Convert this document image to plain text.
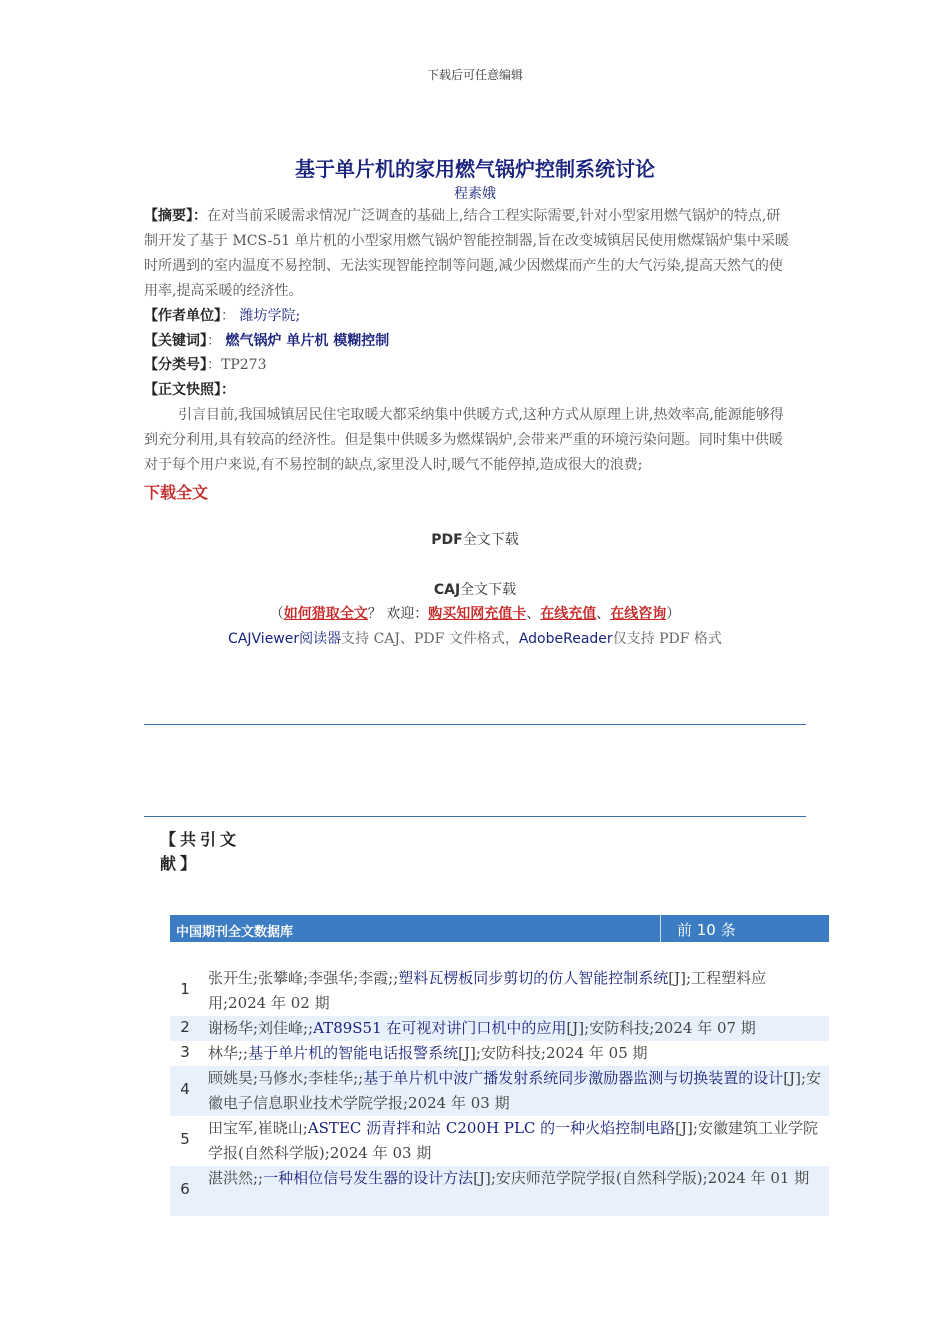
下载后可任意编辑
基于单片机的家用燃气锅炉控制系统讨论
程素娥
【摘要】：在对当前采暖需求情况广泛调查的基础上,结合工程实际需要,针对小型家用燃气锅炉的特点,研
制开发了基于 MCS-51 单片机的小型家用燃气锅炉智能控制器,旨在改变城镇居民使用燃煤锅炉集中采暖
时所遇到的室内温度不易控制、无法实现智能控制等问题,减少因燃煤而产生的大气污染,提高天然气的使
用率,提高采暖的经济性。
【作者单位】： 潍坊学院;
【关键词】： 燃气锅炉 单片机 模糊控制
【分类号】：TP273
【正文快照】：
引言目前,我国城镇居民住宅取暖大都采纳集中供暖方式,这种方式从原理上讲,热效率高,能源能够得
到充分利用,具有较高的经济性。但是集中供暖多为燃煤锅炉,会带来严重的环境污染问题。同时集中供暖
对于每个用户来说,有不易控制的缺点,家里没人时,暖气不能停掉,造成很大的浪费;
下载全文
PDF全文下载
CAJ全文下载
（如何猎取全文？ 欢迎：购买知网充值卡、在线充值、在线咨询）
CAJViewer阅读器支持 CAJ、PDF 文件格式，AdobeReader仅支持 PDF 格式
【共引文献】
中国期刊全文数据库	前 10 条
1
张开生;张攀峰;李强华;李霞;;塑料瓦楞板同步剪切的仿人智能控制系统[J];工程塑料应用;2024 年 02 期
2	谢杨华;刘佳峰;;AT89S51 在可视对讲门口机中的应用[J];安防科技;2024 年 07 期
3	林华;;基于单片机的智能电话报警系统[J];安防科技;2024 年 05 期
4
顾姚昊;马修水;李桂华;;基于单片机中波广播发射系统同步激励器监测与切换装置的设计[J];安徽电子信息职业技术学院学报;2024 年 03 期
5
田宝军,崔晓山;ASTEC 沥青拌和站 C200H PLC 的一种火焰控制电路[J];安徽建筑工业学院学报(自然科学版);2024 年 03 期
6
湛洪然;;一种相位信号发生器的设计方法[J];安庆师范学院学报(自然科学版);2024 年 01 期
